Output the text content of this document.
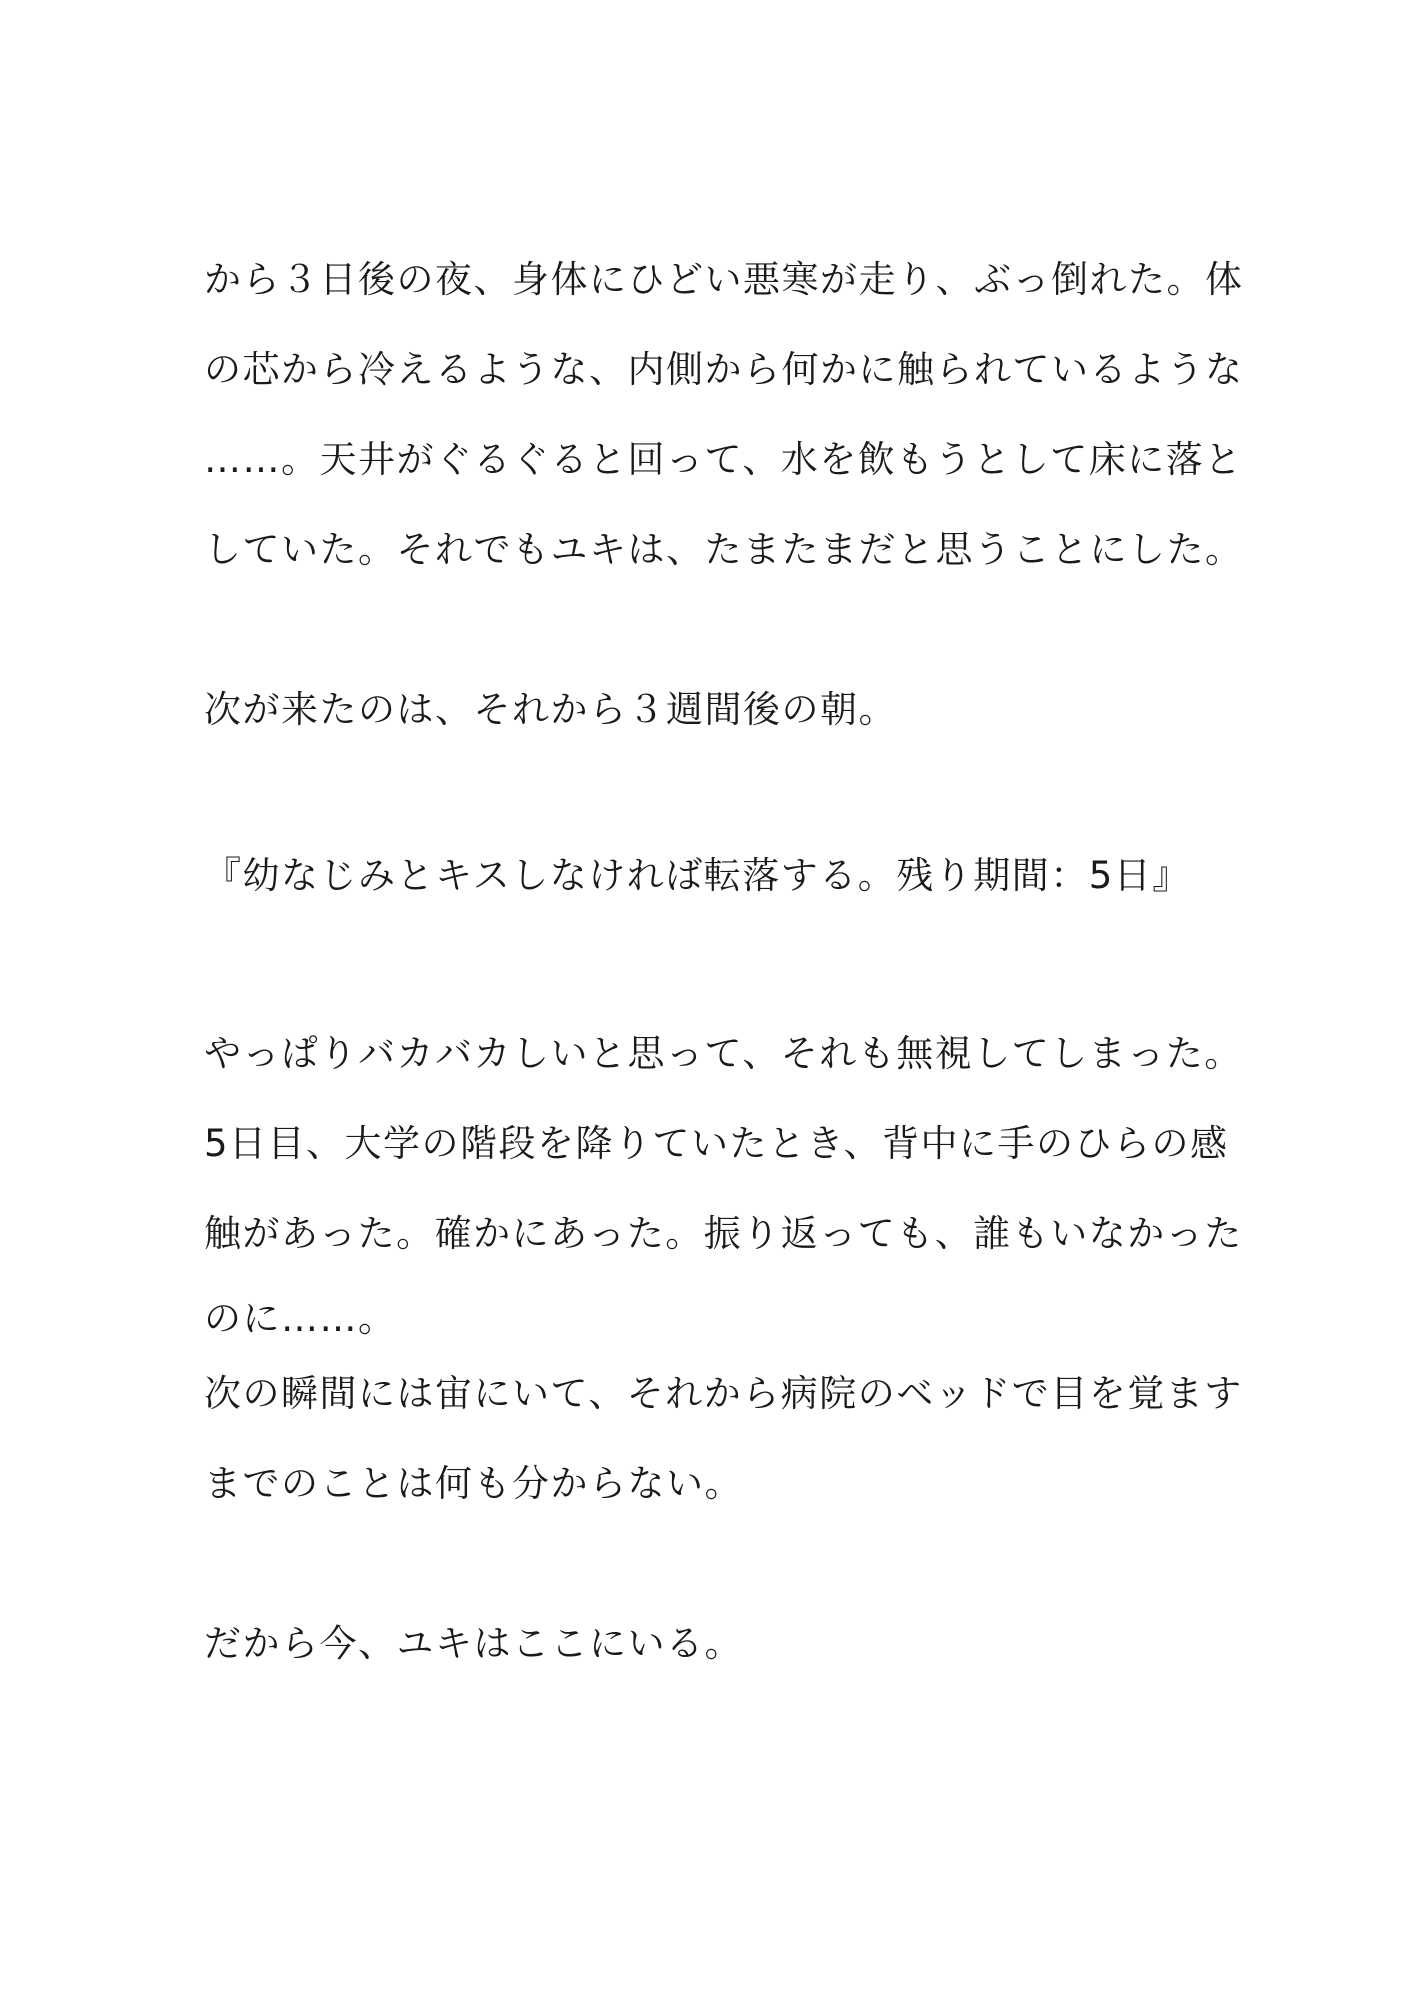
から３日後の夜、身体にひどい悪寒が走り、ぶっ倒れた。体
の芯から冷えるような、内側から何かに触られているような
……。天井がぐるぐると回って、水を飲もうとして床に落と
していた。それでもユキは、たまたまだと思うことにした。
次が来たのは、それから３週間後の朝。
『幼なじみとキスしなければ転落する。残り期間：5日』
やっぱりバカバカしいと思って、それも無視してしまった。
5日目、大学の階段を降りていたとき、背中に手のひらの感
触があった。確かにあった。振り返っても、誰もいなかった
のに……。
次の瞬間には宙にいて、それから病院のベッドで目を覚ます
までのことは何も分からない。
だから今、ユキはここにいる。
